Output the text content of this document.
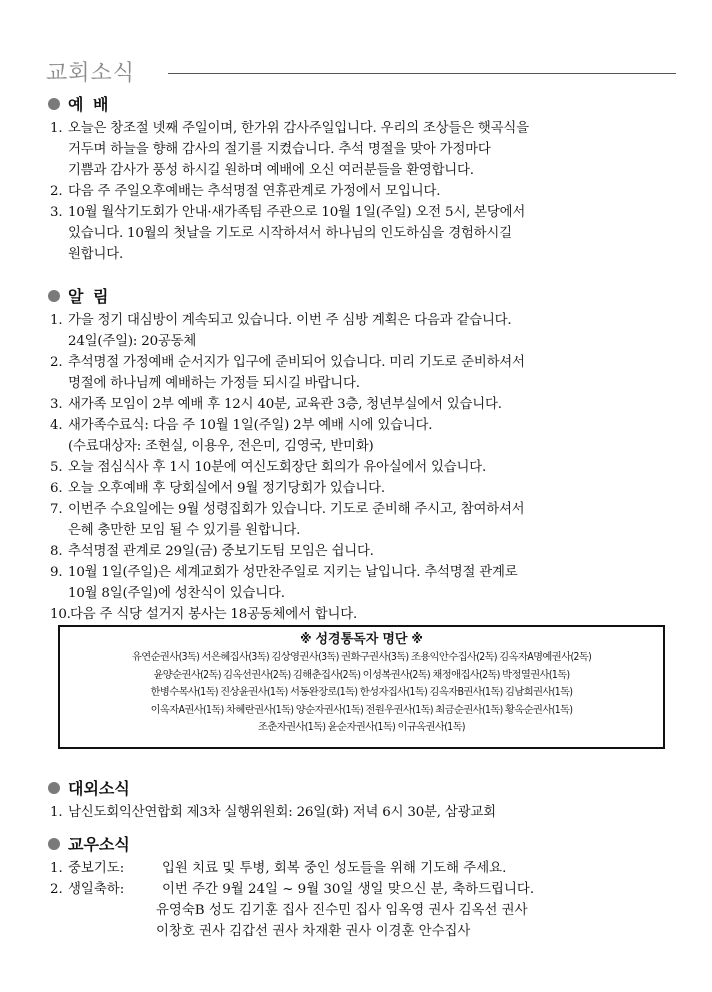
교회소식
예 배
1. 오늘은 창조절 넷째 주일이며, 한가위 감사주일입니다. 우리의 조상들은 햇곡식을
거두며 하늘을 향해 감사의 절기를 지켰습니다. 추석 명절을 맞아 가정마다
기쁨과 감사가 풍성 하시길 원하며 예배에 오신 여러분들을 환영합니다.
2. 다음 주 주일오후예배는 추석명절 연휴관계로 가정에서 모입니다.
3. 10월 월삭기도회가 안내·새가족팀 주관으로 10월 1일(주일) 오전 5시, 본당에서
있습니다. 10월의 첫날을 기도로 시작하셔서 하나님의 인도하심을 경험하시길
원합니다.
알 림
1. 가을 정기 대심방이 계속되고 있습니다. 이번 주 심방 계획은 다음과 같습니다.
24일(주일): 20공동체
2. 추석명절 가정예배 순서지가 입구에 준비되어 있습니다. 미리 기도로 준비하셔서
명절에 하나님께 예배하는 가정들 되시길 바랍니다.
3. 새가족 모임이 2부 예배 후 12시 40분, 교육관 3층, 청년부실에서 있습니다.
4. 새가족수료식: 다음 주 10월 1일(주일) 2부 예배 시에 있습니다.
(수료대상자: 조현실, 이용우, 전은미, 김영국, 반미화)
5. 오늘 점심식사 후 1시 10분에 여신도회장단 회의가 유아실에서 있습니다.
6. 오늘 오후예배 후 당회실에서 9월 정기당회가 있습니다.
7. 이번주 수요일에는 9월 성령집회가 있습니다. 기도로 준비해 주시고, 참여하셔서
은혜 충만한 모임 될 수 있기를 원합니다.
8. 추석명절 관계로 29일(금) 중보기도팀 모임은 쉽니다.
9. 10월 1일(주일)은 세계교회가 성만찬주일로 지키는 날입니다. 추석명절 관계로
10월 8일(주일)에 성찬식이 있습니다.
10. 다음 주 식당 설거지 봉사는 18공동체에서 합니다.
※ 성경통독자 명단 ※
유연순권사(3독) 서은혜집사(3독) 김상영권사(3독) 권화구권사(3독) 조용익안수집사(2독) 김옥자A명예권사(2독)
윤양순권사(2독) 김옥선권사(2독) 김해춘집사(2독) 이성복권사(2독) 채정애집사(2독) 박정열권사(1독)
한병수목사(1독) 진상윤권사(1독) 서동완장로(1독) 한성자집사(1독) 김옥자B권사(1독) 김남희권사(1독)
이옥자A권사(1독) 차혜란권사(1독) 양순자권사(1독) 전원우권사(1독) 최금순권사(1독) 황옥순권사(1독)
조춘자권사(1독) 윤순자권사(1독) 이규옥권사(1독)
대외소식
1. 남신도회익산연합회 제3차 실행위원회: 26일(화) 저녁 6시 30분, 삼광교회
교우소식
1. 중보기도:	입원 치료 및 투병, 회복 중인 성도들을 위해 기도해 주세요.
2. 생일축하:	이번 주간 9월 24일 ~ 9월 30일 생일 맞으신 분, 축하드립니다.
유영숙B 성도 김기훈 집사 진수민 집사 임옥영 권사 김옥선 권사
이창호 권사 김갑선 권사 차재환 권사 이경훈 안수집사
